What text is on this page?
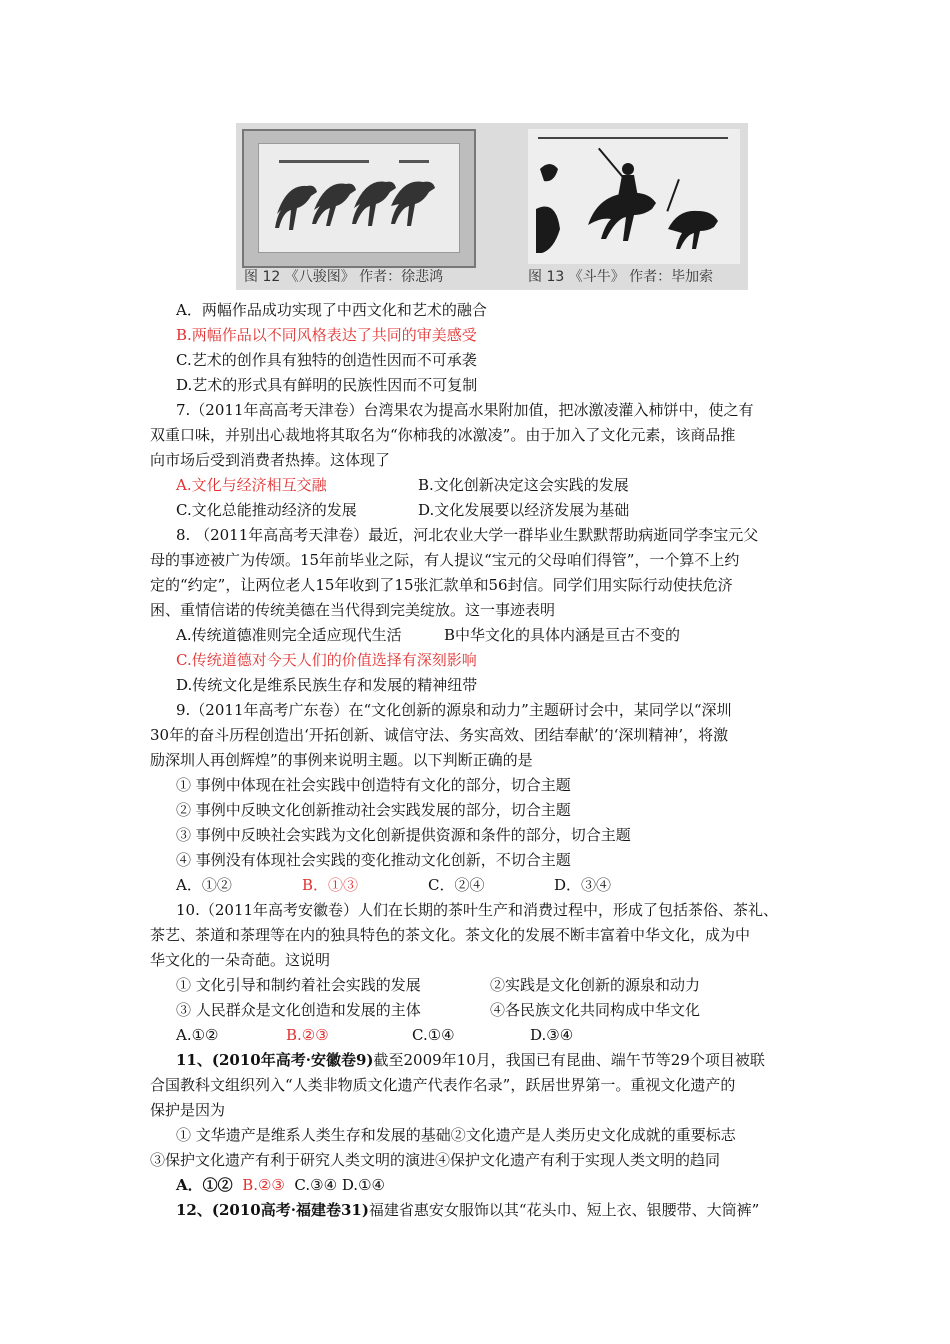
图 12 《八骏图》 作者：徐悲鸿	图 13 《斗牛》 作者：毕加索
A．两幅作品成功实现了中西文化和艺术的融合
B.两幅作品以不同风格表达了共同的审美感受
C.艺术的创作具有独特的创造性因而不可承袭
D.艺术的形式具有鲜明的民族性因而不可复制
7.（2011年高高考天津卷）台湾果农为提高水果附加值，把冰激凌灌入柿饼中，使之有
双重口味，并别出心裁地将其取名为“你柿我的冰激凌”。由于加入了文化元素，该商品推
向市场后受到消费者热捧。这体现了
A.文化与经济相互交融	B.文化创新决定这会实践的发展
C.文化总能推动经济的发展	D.文化发展要以经济发展为基础
8. （2011年高高考天津卷）最近，河北农业大学一群毕业生默默帮助病逝同学李宝元父
母的事迹被广为传颂。15年前毕业之际，有人提议“宝元的父母咱们得管”，一个算不上约
定的“约定”，让两位老人15年收到了15张汇款单和56封信。同学们用实际行动使扶危济
困、重情信诺的传统美德在当代得到完美绽放。这一事迹表明
A.传统道德准则完全适应现代生活	B中华文化的具体内涵是亘古不变的
C.传统道德对今天人们的价值选择有深刻影响
D.传统文化是维系民族生存和发展的精神纽带
9.（2011年高考广东卷）在“文化创新的源泉和动力”主题研讨会中，某同学以“深圳
30年的奋斗历程创造出‘开拓创新、诚信守法、务实高效、团结奉献’的‘深圳精神’，将激
励深圳人再创辉煌”的事例来说明主题。以下判断正确的是
① 事例中体现在社会实践中创造特有文化的部分，切合主题
② 事例中反映文化创新推动社会实践发展的部分，切合主题
③ 事例中反映社会实践为文化创新提供资源和条件的部分，切合主题
④ 事例没有体现社会实践的变化推动文化创新，不切合主题
A．①②	B．①③	C．②④	D．③④
10.（2011年高考安徽卷）人们在长期的茶叶生产和消费过程中，形成了包括茶俗、茶礼、
茶艺、茶道和茶理等在内的独具特色的茶文化。茶文化的发展不断丰富着中华文化，成为中
华文化的一朵奇葩。这说明
① 文化引导和制约着社会实践的发展	②实践是文化创新的源泉和动力
③ 人民群众是文化创造和发展的主体	④各民族文化共同构成中华文化
A.①②	B.②③	C.①④	D.③④
11、(2010年高考·安徽卷9)截至2009年10月，我国已有昆曲、端午节等29个项目被联
合国教科文组织列入“人类非物质文化遗产代表作名录”，跃居世界第一。重视文化遗产的
保护是因为
① 文华遗产是维系人类生存和发展的基础②文化遗产是人类历史文化成就的重要标志
③保护文化遗产有利于研究人类文明的演进④保护文化遗产有利于实现人类文明的趋同
A．①② B.②③ C.③④ D.①④
12、(2010高考·福建卷31)福建省惠安女服饰以其“花头巾、短上衣、银腰带、大筒裤”
